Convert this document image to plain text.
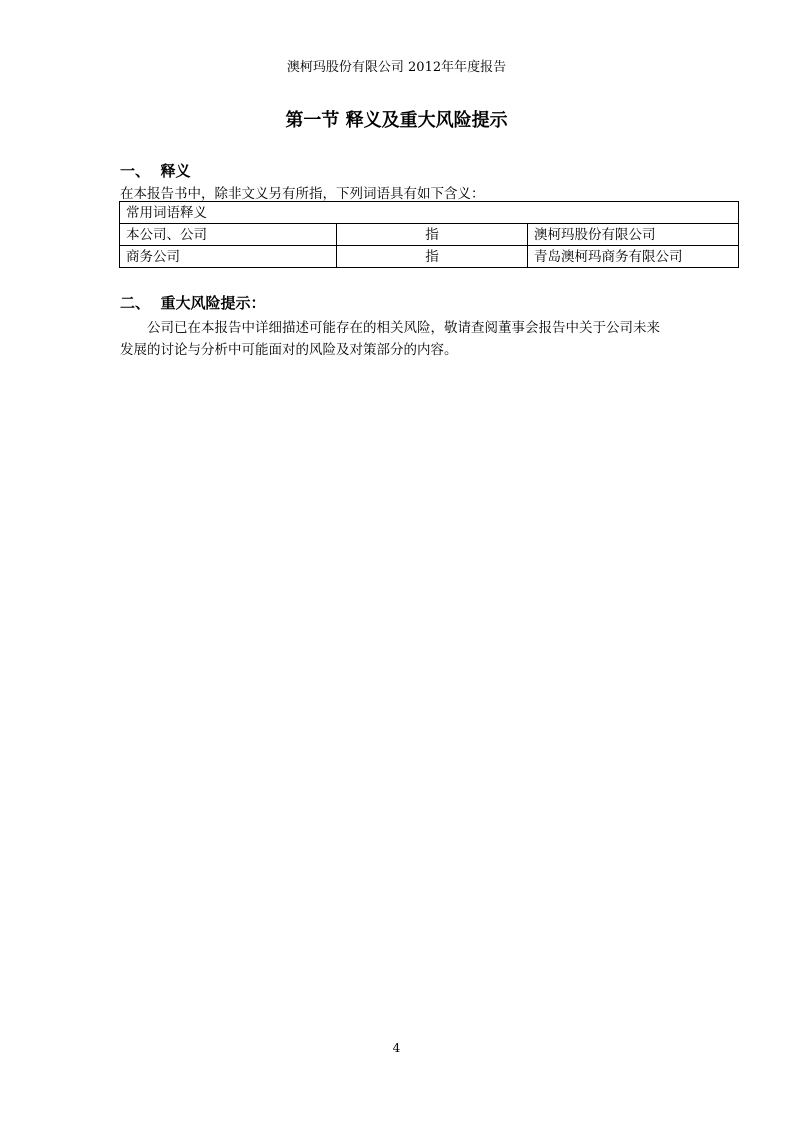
澳柯玛股份有限公司 2012年年度报告
第一节 释义及重大风险提示
一、  释义
在本报告书中，除非文义另有所指，下列词语具有如下含义：
常用词语释义		
本公司、公司	指	澳柯玛股份有限公司
商务公司	指	青岛澳柯玛商务有限公司
二、  重大风险提示：
公司已在本报告中详细描述可能存在的相关风险，敬请查阅董事会报告中关于公司未来
发展的讨论与分析中可能面对的风险及对策部分的内容。
4
